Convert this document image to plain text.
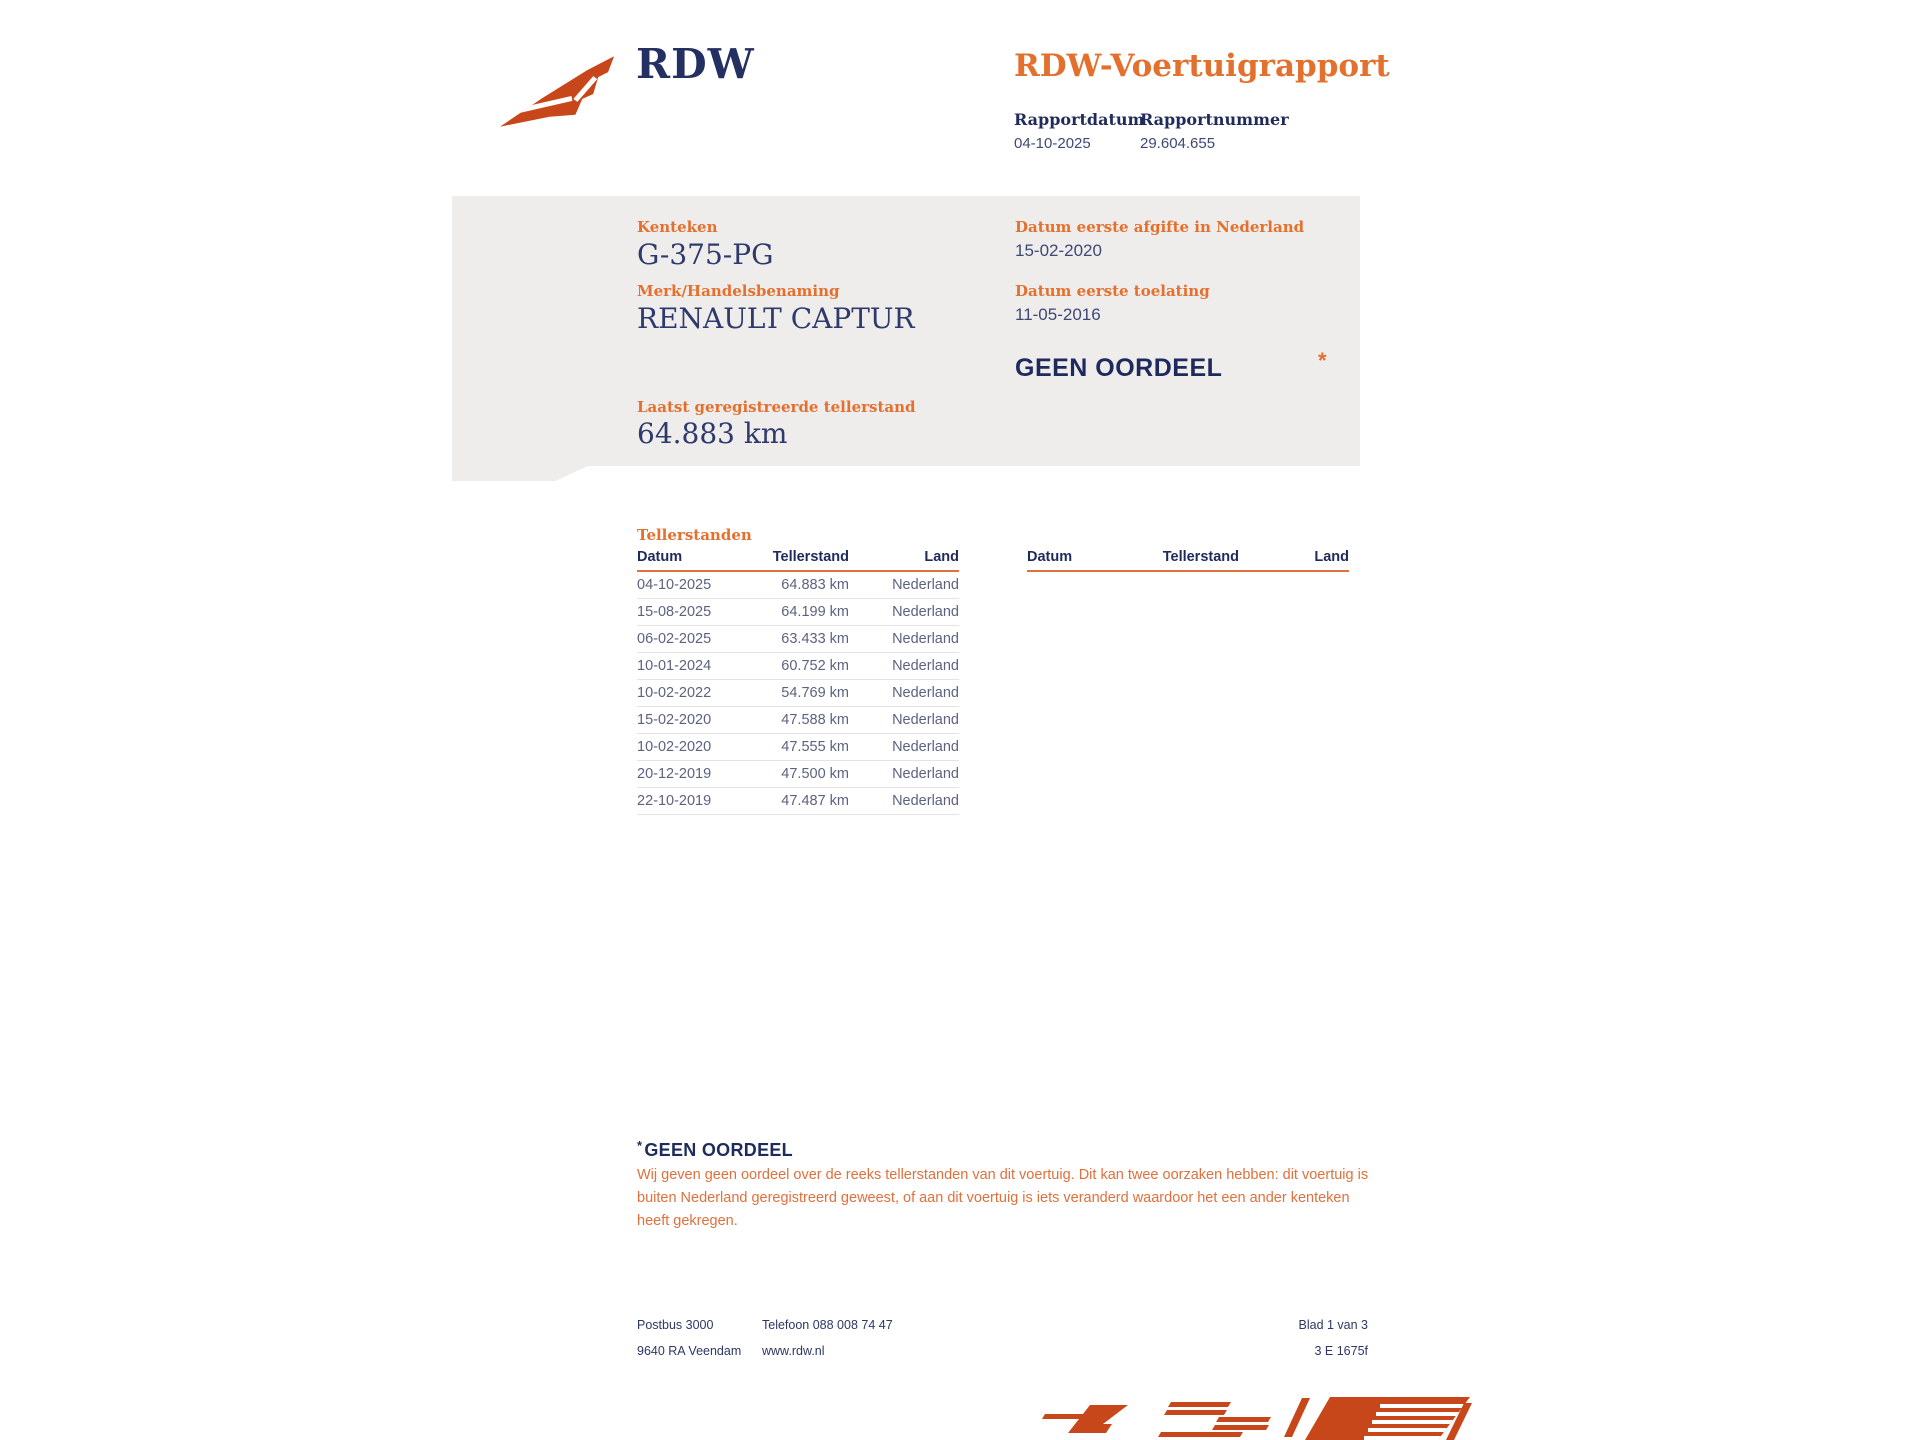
RDW	RDW-Voertuigrapport
Rapportdatum
Rapportnummer
04-10-2025	29.604.655
Kenteken
G-375-PG
Merk/Handelsbenaming
RENAULT CAPTUR
Laatst geregistreerde tellerstand
64.883 km
Datum eerste afgifte in Nederland
15-02-2020
Datum eerste toelating
11-05-2016
GEEN OORDEEL	*
Tellerstanden
Datum	Tellerstand	Land
04-10-2025	64.883 km	Nederland
15-08-2025	64.199 km	Nederland
06-02-2025	63.433 km	Nederland
10-01-2024	60.752 km	Nederland
10-02-2022	54.769 km	Nederland
15-02-2020	47.588 km	Nederland
10-02-2020	47.555 km	Nederland
20-12-2019	47.500 km	Nederland
22-10-2019	47.487 km	Nederland
Datum	Tellerstand	Land
* GEEN OORDEEL

Wij geven geen oordeel over de reeks tellerstanden van dit voertuig. Dit kan twee oorzaken hebben: dit voertuig is buiten Nederland geregistreerd geweest, of aan dit voertuig is iets veranderd waardoor het een ander kenteken heeft gekregen.

Postbus 3000
9640 RA Veendam
Telefoon 088 008 74 47
www.rdw.nl
Blad 1 van 3
3 E 1675f
